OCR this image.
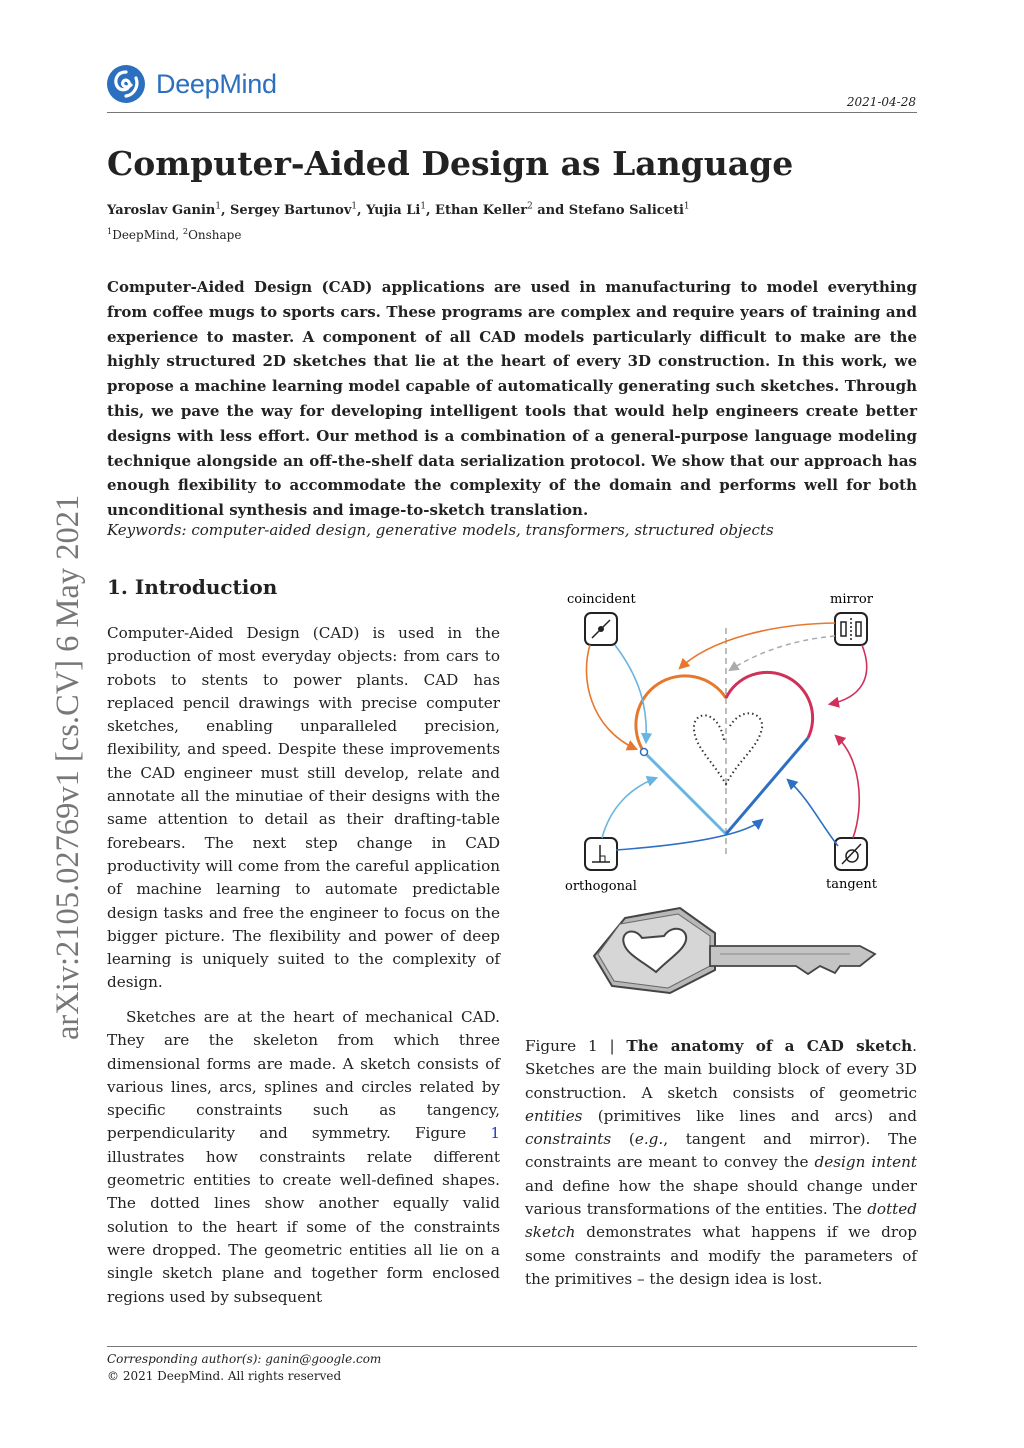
DeepMind
2021-04-28
arXiv:2105.02769v1 [cs.CV] 6 May 2021
Computer-Aided Design as Language
Yaroslav Ganin$^1$, Sergey Bartunov$^1$, Yujia Li$^1$, Ethan Keller$^2$ and Stefano Saliceti$^1$
$^1$DeepMind, $^2$Onshape
Computer-Aided Design (CAD) applications are used in manufacturing to model everything from coffee mugs to sports cars. These programs are complex and require years of training and experience to master. A component of all CAD models particularly difficult to make are the highly structured 2D sketches that lie at the heart of every 3D construction. In this work, we propose a machine learning model capable of automatically generating such sketches. Through this, we pave the way for developing intelligent tools that would help engineers create better designs with less effort. Our method is a combination of a general-purpose language modeling technique alongside an off-the-shelf data serialization protocol. We show that our approach has enough flexibility to accommodate the complexity of the domain and performs well for both unconditional synthesis and image-to-sketch translation.
Keywords: computer-aided design, generative models, transformers, structured objects
1. Introduction
Computer-Aided Design (CAD) is used in the production of most everyday objects: from cars to robots to stents to power plants. CAD has replaced pencil drawings with precise computer sketches, enabling unparalleled precision, flexibility, and speed. Despite these improvements the CAD engineer must still develop, relate and annotate all the minutiae of their designs with the same attention to detail as their drafting-table forebears. The next step change in CAD productivity will come from the careful application of machine learning to automate predictable design tasks and free the engineer to focus on the bigger picture. The flexibility and power of deep learning is uniquely suited to the complexity of design.
Sketches are at the heart of mechanical CAD. They are the skeleton from which three dimensional forms are made. A sketch consists of various lines, arcs, splines and circles related by specific constraints such as tangency, perpendicularity and symmetry. Figure 1 illustrates how constraints relate different geometric entities to create well-defined shapes. The dotted lines show another equally valid solution to the heart if some of the constraints were dropped. The geometric entities all lie on a single sketch plane and together form enclosed regions used by subsequent
coincident	mirror
orthogonal	tangent
Figure 1 | The anatomy of a CAD sketch. Sketches are the main building block of every 3D construction. A sketch consists of geometric entities (primitives like lines and arcs) and constraints (e.g., tangent and mirror). The constraints are meant to convey the design intent and define how the shape should change under various transformations of the entities. The dotted sketch demonstrates what happens if we drop some constraints and modify the parameters of the primitives – the design idea is lost.
Corresponding author(s): ganin@google.com
© 2021 DeepMind. All rights reserved
